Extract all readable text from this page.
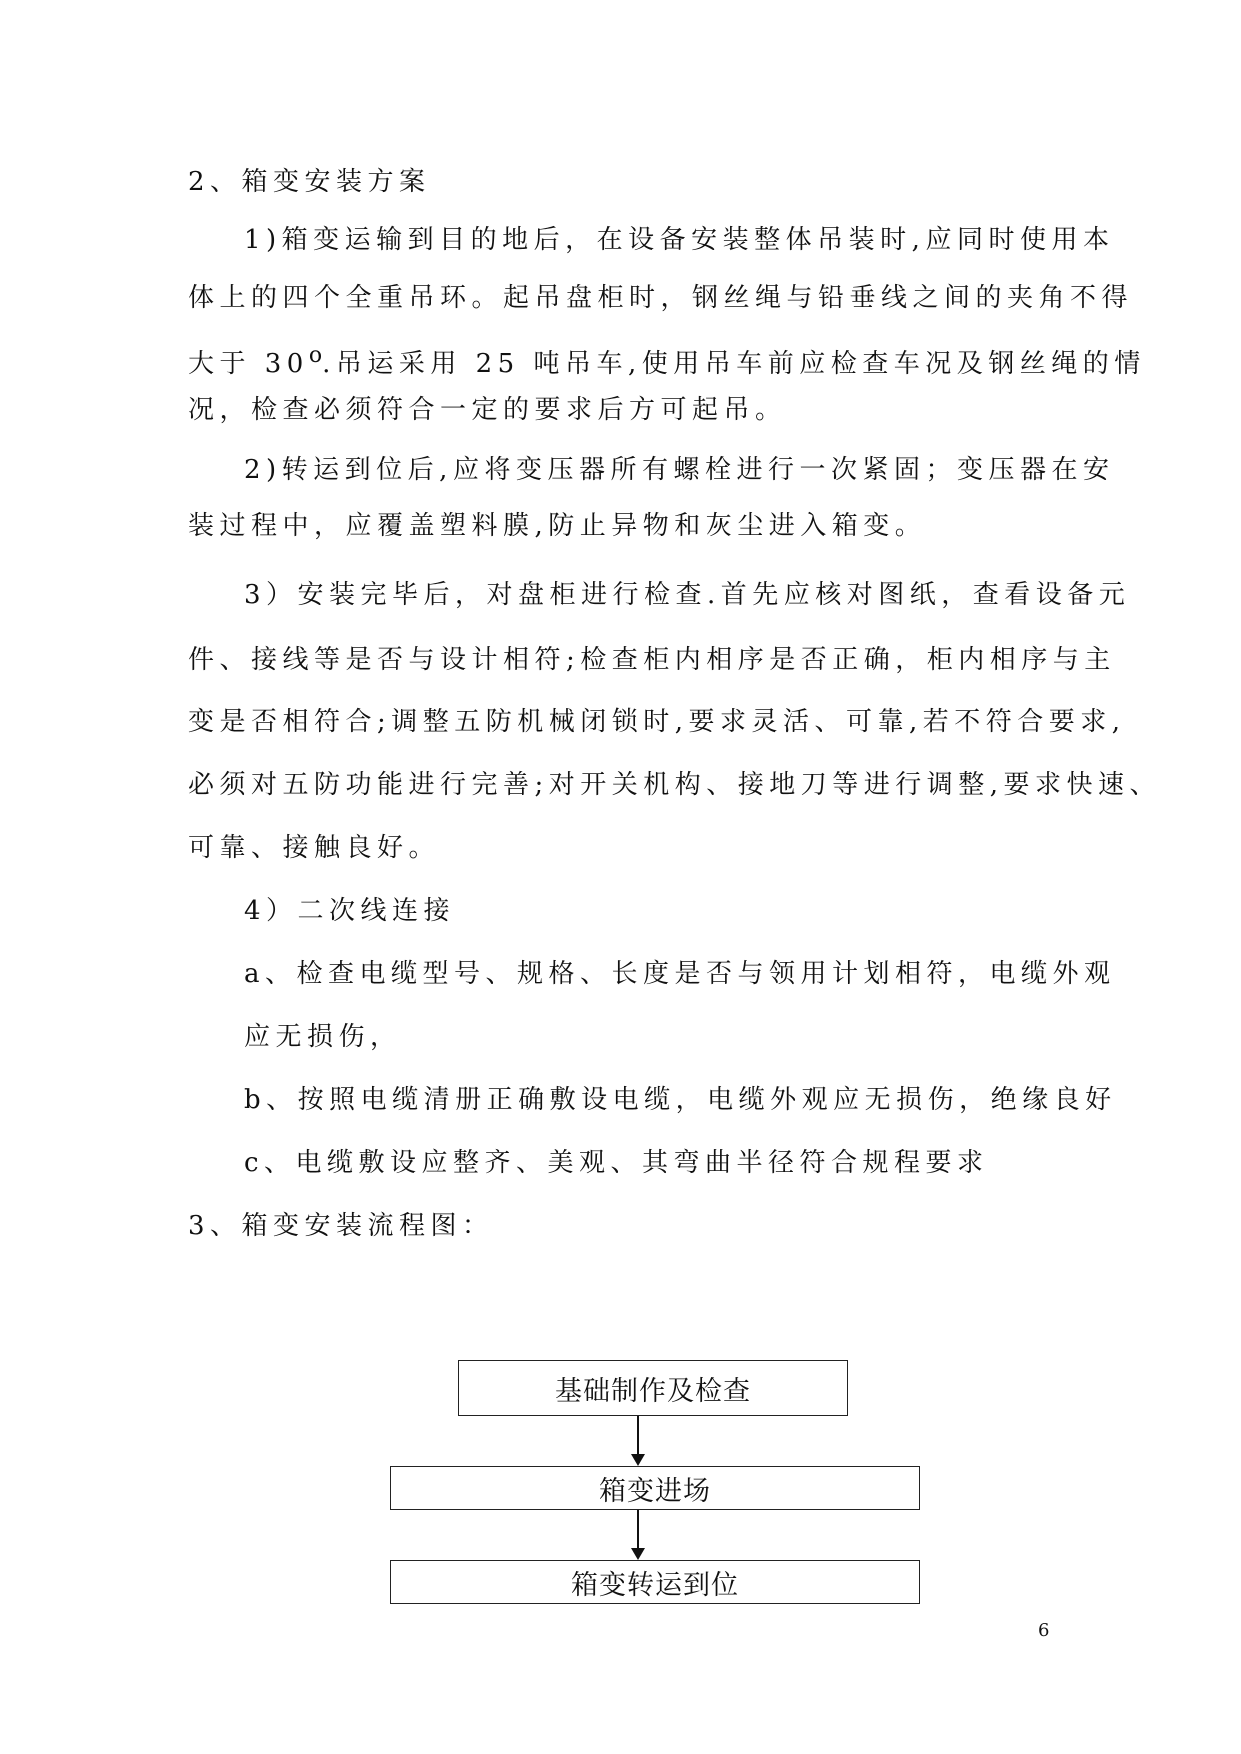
2、箱变安装方案
1)箱变运输到目的地后，在设备安装整体吊装时,应同时使用本
体上的四个全重吊环。起吊盘柜时，钢丝绳与铅垂线之间的夹角不得
大于 30$^o$.吊运采用 25 吨吊车,使用吊车前应检查车况及钢丝绳的情
况，检查必须符合一定的要求后方可起吊。
2)转运到位后,应将变压器所有螺栓进行一次紧固；变压器在安
装过程中，应覆盖塑料膜,防止异物和灰尘进入箱变。
3）安装完毕后，对盘柜进行检查.首先应核对图纸，查看设备元
件、接线等是否与设计相符;检查柜内相序是否正确，柜内相序与主
变是否相符合;调整五防机械闭锁时,要求灵活、可靠,若不符合要求,
必须对五防功能进行完善;对开关机构、接地刀等进行调整,要求快速、
可靠、接触良好。
4）二次线连接
a、检查电缆型号、规格、长度是否与领用计划相符，电缆外观
应无损伤，
b、按照电缆清册正确敷设电缆，电缆外观应无损伤，绝缘良好
c、电缆敷设应整齐、美观、其弯曲半径符合规程要求
3、箱变安装流程图：
基础制作及检查
箱变进场
箱变转运到位
6
